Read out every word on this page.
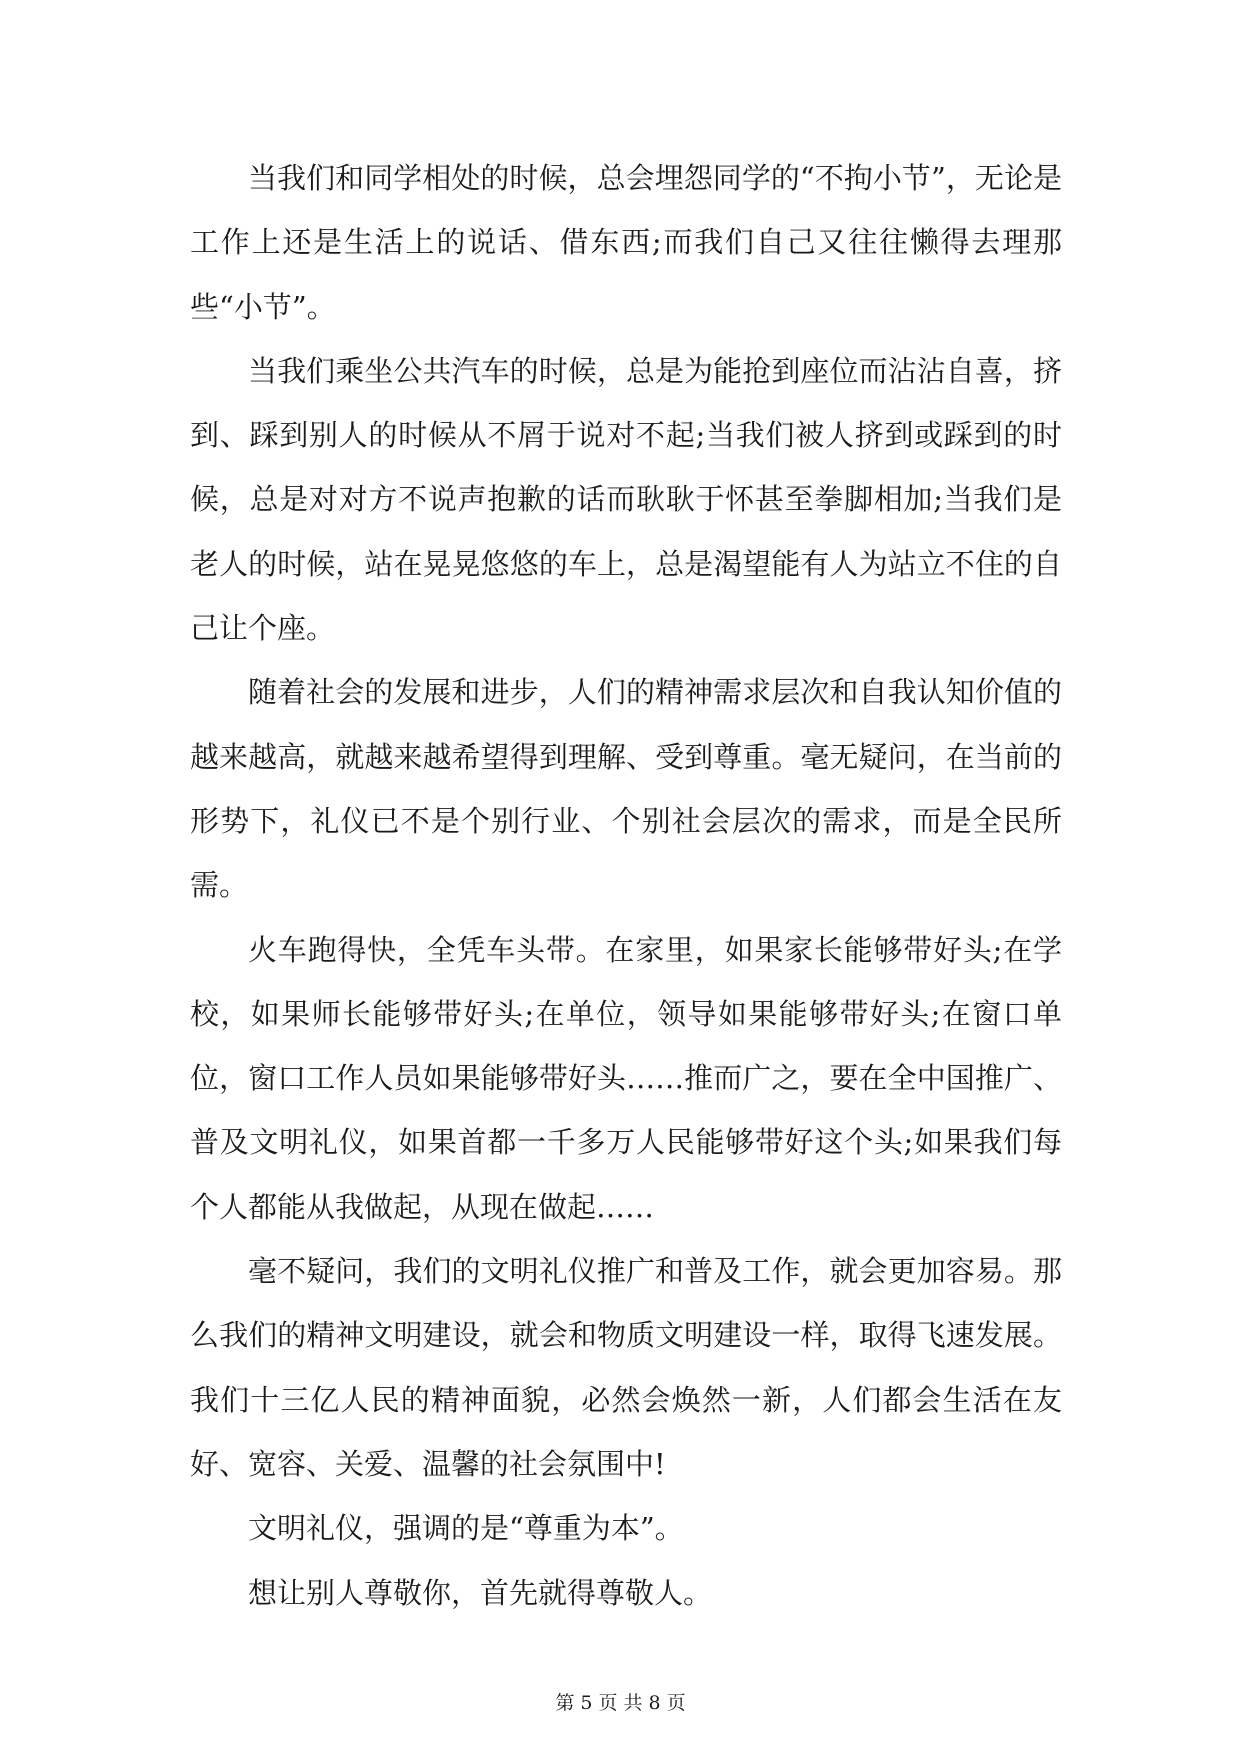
当我们和同学相处的时候，总会埋怨同学的“不拘小节”，无论是工作上还是生活上的说话、借东西;而我们自己又往往懒得去理那些“小节”。

当我们乘坐公共汽车的时候，总是为能抢到座位而沾沾自喜，挤到、踩到别人的时候从不屑于说对不起;当我们被人挤到或踩到的时候，总是对对方不说声抱歉的话而耿耿于怀甚至拳脚相加;当我们是老人的时候，站在晃晃悠悠的车上，总是渴望能有人为站立不住的自己让个座。

随着社会的发展和进步，人们的精神需求层次和自我认知价值的越来越高，就越来越希望得到理解、受到尊重。毫无疑问，在当前的形势下，礼仪已不是个别行业、个别社会层次的需求，而是全民所需。

火车跑得快，全凭车头带。在家里，如果家长能够带好头;在学校，如果师长能够带好头;在单位，领导如果能够带好头;在窗口单位，窗口工作人员如果能够带好头……推而广之，要在全中国推广、普及文明礼仪，如果首都一千多万人民能够带好这个头;如果我们每个人都能从我做起，从现在做起……

毫不疑问，我们的文明礼仪推广和普及工作，就会更加容易。那么我们的精神文明建设，就会和物质文明建设一样，取得飞速发展。我们十三亿人民的精神面貌，必然会焕然一新，人们都会生活在友好、宽容、关爱、温馨的社会氛围中!

文明礼仪，强调的是“尊重为本”。

想让别人尊敬你，首先就得尊敬人。

第 5 页 共 8 页
